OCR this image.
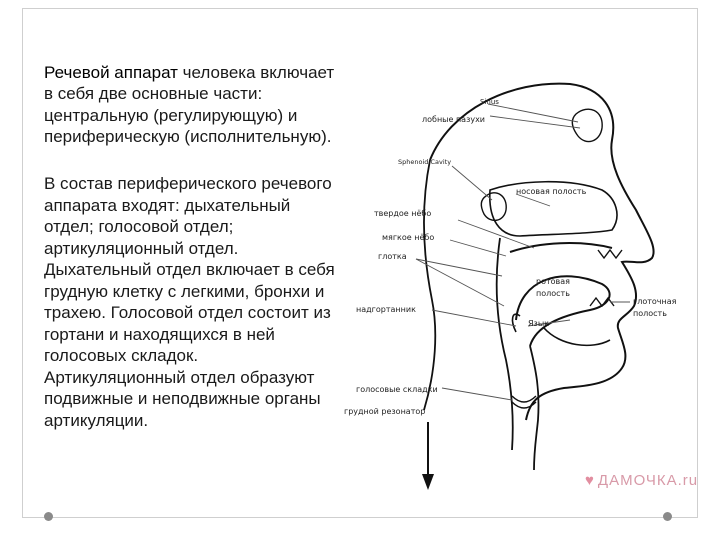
Речевой аппарат человека включает в себя две основные части: центральную (регулирующую) и периферическую (исполнительную).

В состав периферического речевого аппарата входят: дыхательный отдел; голосовой отдел; артикуляционный отдел. Дыхательный отдел включает в себя грудную клетку с легкими, бронхи и трахею. Голосовой отдел состоит из гортани и находящихся в ней голосовых складок. Артикуляционный отдел образуют подвижные и неподвижные органы артикуляции.

Sinus
лобные пазухи
Sphenoid Cavity
носовая полость
твердое нёбо
мягкое нёбо
глотка
ротовая
полость
глоточная
полость
надгортанник
Язык
голосовые складки
грудной резонатор
♥ ДАМОЧКА.ru
